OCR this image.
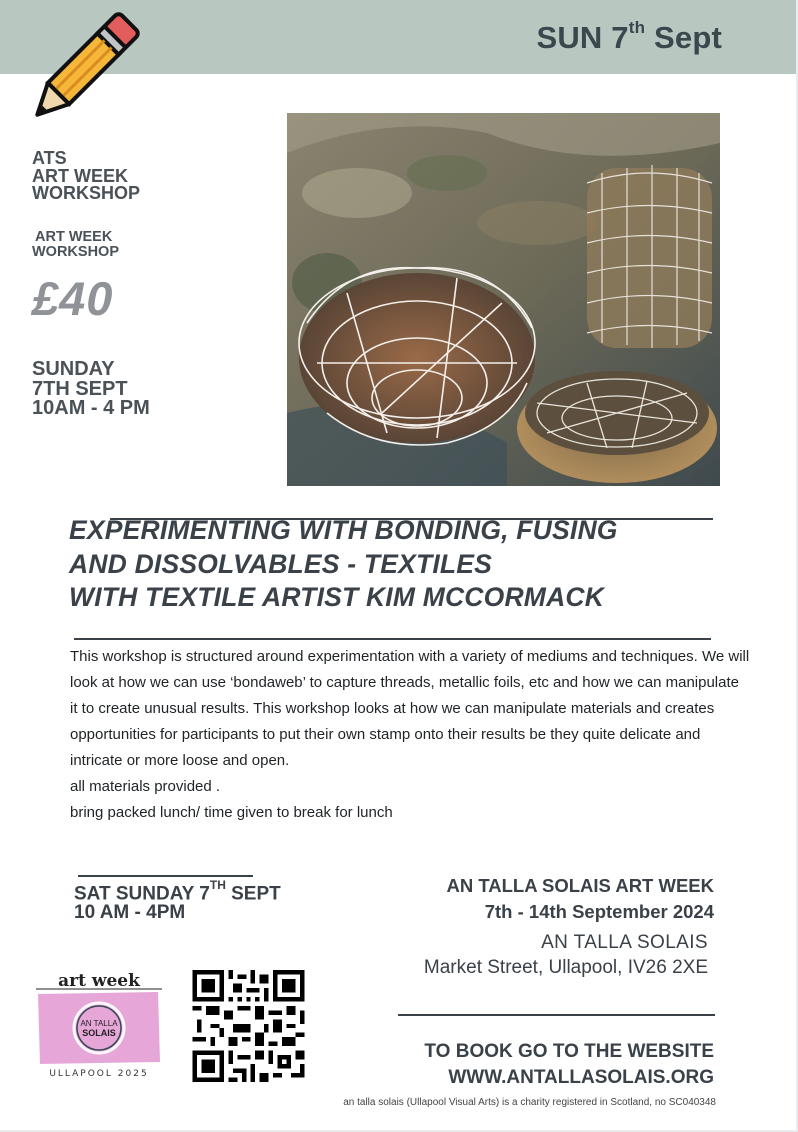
SUN 7th Sept
ATS
ART WEEK
WORKSHOP
ART WEEK
WORKSHOP
£40
SUNDAY
7TH SEPT
10AM - 4 PM
EXPERIMENTING WITH BONDING, FUSING
AND DISSOLVABLES - TEXTILES
WITH TEXTILE ARTIST KIM MCCORMACK

This workshop is structured around experimentation with a variety of mediums and techniques. We will look at how we can use ‘bondaweb’ to capture threads, metallic foils, etc and how we can manipulate it to create unusual results. This workshop looks at how we can manipulate materials and creates opportunities for participants to put their own stamp onto their results be they quite delicate and intricate or more loose and open.

all materials provided .

bring packed lunch/ time given to break for lunch

SAT SUNDAY 7TH SEPT
10 AM - 4PM
AN TALLA SOLAIS ART WEEK
7th - 14th September 2024
AN TALLA SOLAIS
Market Street, Ullapool, IV26 2XE
TO BOOK GO TO THE WEBSITE
WWW.ANTALLASOLAIS.ORG
an talla solais (Ullapool Visual Arts) is a charity registered in Scotland, no SC040348
art week
AN TALLA
SOLAIS
ULLAPOOL 2025
